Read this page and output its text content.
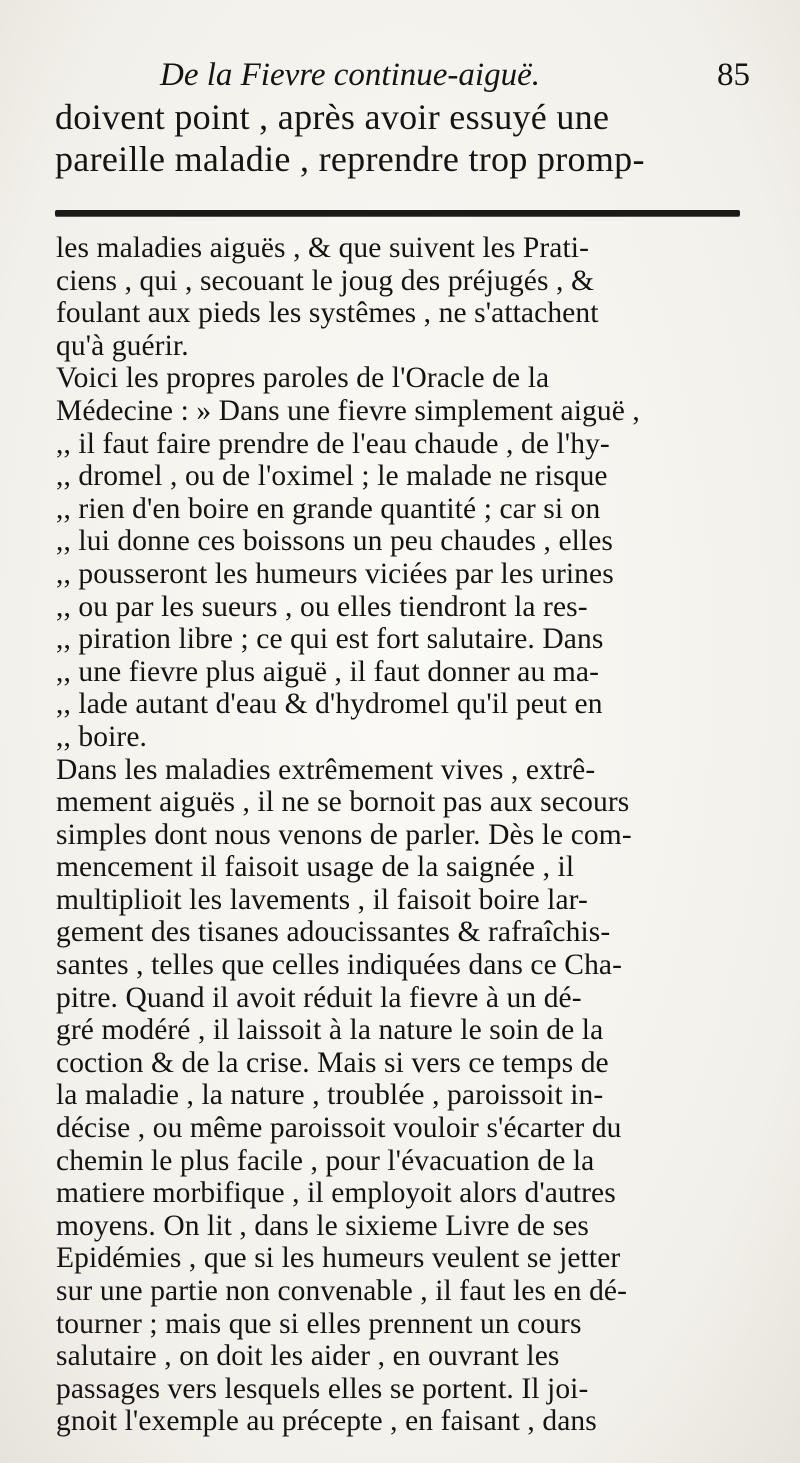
De la Fievre continue-aiguë.	85
doivent point , après avoir essuyé une
pareille maladie , reprendre trop promp-
les maladies aiguës , & que suivent les Prati-
ciens , qui , secouant le joug des préjugés , &
foulant aux pieds les systêmes , ne s'attachent
qu'à guérir.
Voici les propres paroles de l'Oracle de la
Médecine : » Dans une fievre simplement aiguë ,
,, il faut faire prendre de l'eau chaude , de l'hy-
,, dromel , ou de l'oximel ; le malade ne risque
,, rien d'en boire en grande quantité ; car si on
,, lui donne ces boissons un peu chaudes , elles
,, pousseront les humeurs viciées par les urines
,, ou par les sueurs , ou elles tiendront la res-
,, piration libre ; ce qui est fort salutaire. Dans
,, une fievre plus aiguë , il faut donner au ma-
,, lade autant d'eau & d'hydromel qu'il peut en
,, boire.
Dans les maladies extrêmement vives , extrê-
mement aiguës , il ne se bornoit pas aux secours
simples dont nous venons de parler. Dès le com-
mencement il faisoit usage de la saignée , il
multiplioit les lavements , il faisoit boire lar-
gement des tisanes adoucissantes & rafraîchis-
santes , telles que celles indiquées dans ce Cha-
pitre. Quand il avoit réduit la fievre à un dé-
gré modéré , il laissoit à la nature le soin de la
coction & de la crise. Mais si vers ce temps de
la maladie , la nature , troublée , paroissoit in-
décise , ou même paroissoit vouloir s'écarter du
chemin le plus facile , pour l'évacuation de la
matiere morbifique , il employoit alors d'autres
moyens. On lit , dans le sixieme Livre de ses
Epidémies , que si les humeurs veulent se jetter
sur une partie non convenable , il faut les en dé-
tourner ; mais que si elles prennent un cours
salutaire , on doit les aider , en ouvrant les
passages vers lesquels elles se portent. Il joi-
gnoit l'exemple au précepte , en faisant , dans
